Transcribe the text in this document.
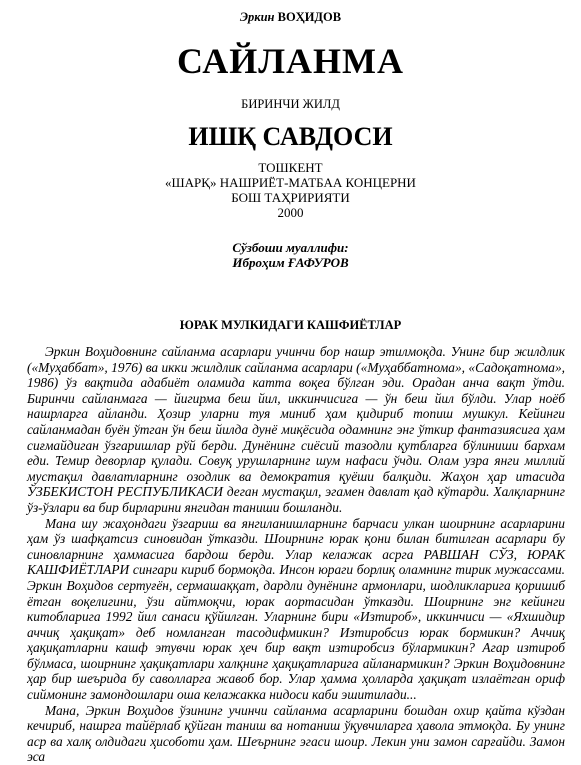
Эркин ВОҲИДОВ
САЙЛАНМА
БИРИНЧИ ЖИЛД
ИШҚ САВДОСИ
ТОШКЕНТ
«ШАРҚ» НАШРИЁТ-МАТБАА КОНЦЕРНИ
БОШ ТАҲРИРИЯТИ
2000
Сўзбоши муаллифи:
Иброҳим ҒАФУРОВ
ЮРАК МУЛКИДАГИ КАШФИЁТЛАР

Эркин Воҳидовнинг сайланма асарлари учинчи бор нашр этилмоқда. Унинг бир жилдлик («Муҳаббат», 1976) ва икки жилдлик сайланма асарлари («Муҳаббатнома», «Садоқатнома», 1986) ўз вақтида адабиёт оламида катта воқеа бўлган эди. Орадан анча вақт ўтди. Биринчи сайланмага — йигирма беш йил, иккинчисига — ўн беш йил бўлди. Улар ноёб нашрларга айланди. Ҳозир уларни туя миниб ҳам қидириб топиш мушкул. Кейинги сайланмадан буён ўтган ўн беш йилда дунё миқёсида одамнинг энг ўткир фантазиясига ҳам сиғмайдиган ўзгаришлар рўй берди. Дунёнинг сиёсий тазодли қутбларга бўлиниши бархам еди. Темир деворлар қулади. Совуқ урушларнинг шум нафаси ўчди. Олам узра янги миллий мустақил давлатларнинг озодлик ва демократия қуёши балқиди. Жаҳон ҳар итасида ЎЗБЕКИСТОН РЕСПУБЛИКАСИ деган мустақил, эгамен давлат қад кўтарди. Халқларнинг ўз-ўзлари ва бир бирларини янгидан таниши бошланди.

Мана шу жаҳондаги ўзгариш ва янгиланишларнинг барчаси улкан шоирнинг асарларини ҳам ўз шафқатсиз синовидан ўтказди. Шоирнинг юрак қони билан битилган асарлари бу синовларнинг ҳаммасига бардош берди. Улар келажак асрга РАВШАН СЎЗ, ЮРАК КАШФИЁТЛАРИ сингари кириб бормоқда. Инсон юраги борлиқ оламнинг тирик мужассами. Эркин Воҳидов сертуғён, сермашаққат, дардли дунёнинг армонлари, шодликларига қоришиб ётган воқелигини, ўзи айтмоқчи, юрак аортасидан ўтказди. Шоирнинг энг кейинги китобларига 1992 йил санаси қўйилган. Уларнинг бири «Изтироб», иккинчиси — «Яхшидир аччиқ ҳақиқат» деб номланган тасодифмикин? Изтиробсиз юрак бормикин? Аччиқ ҳақиқатларни кашф этувчи юрак ҳеч бир вақт изтиробсиз бўлармикин? Агар изтироб бўлмаса, шоирнинг ҳақиқатлари халқнинг ҳақиқатларига айланармикин? Эркин Воҳидовнинг ҳар бир шеърида бу саволларга жавоб бор. Улар ҳамма ҳолларда ҳақиқат излаётган ориф сиймонинг замондошлари оша келажакка нидоси каби эшитилади...

Мана, Эркин Воҳидов ўзининг учинчи сайланма асарларини бошдан охир қайта кўздан кечириб, нашрга тайёрлаб қўйган таниш ва нотаниш ўқувчиларга ҳавола этмоқда. Бу унинг аср ва халқ олдидаги ҳисоботи ҳам. Шеърнинг эгаси шоир. Лекин уни замон сарғайди. Замон эса
